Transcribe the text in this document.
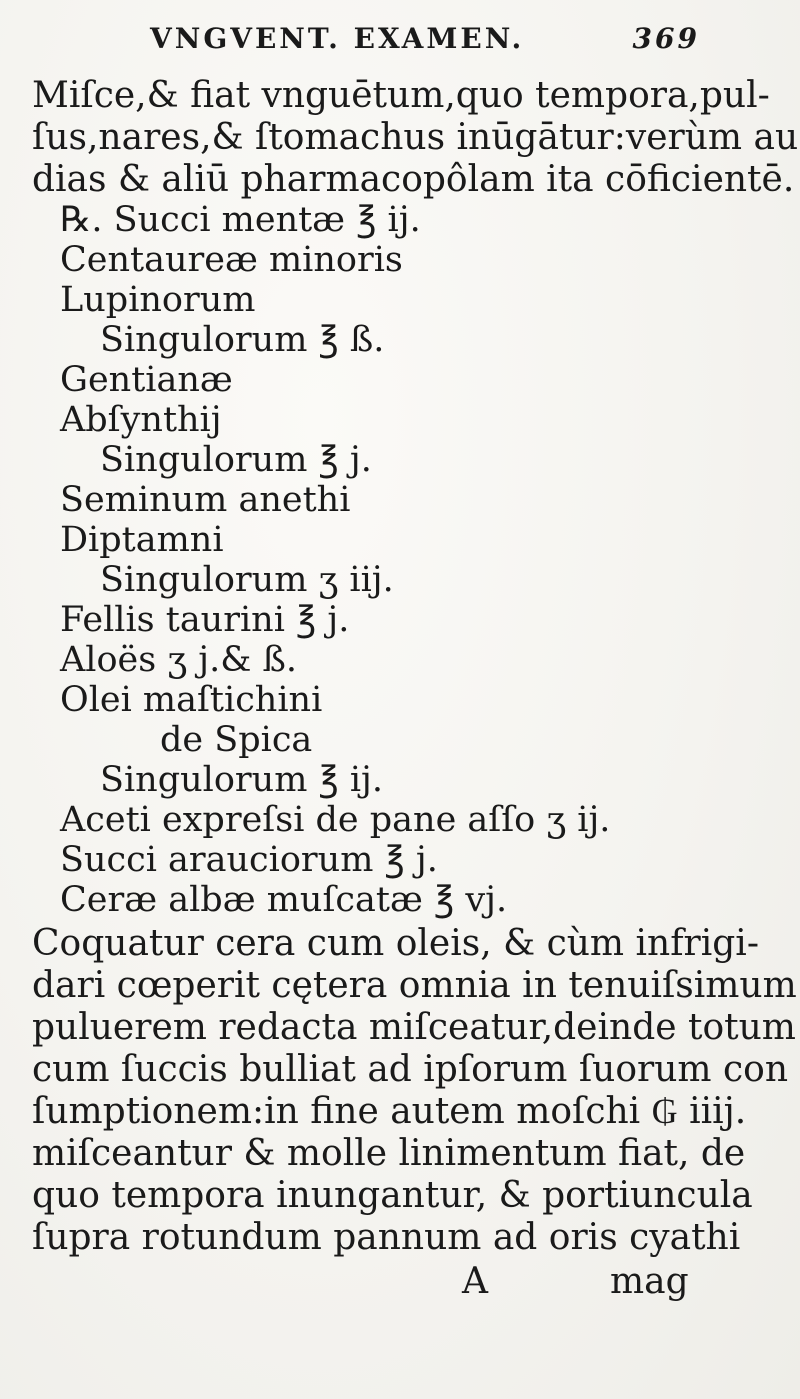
VNGVENT. EXAMEN.	369
Miſce,& fiat vnguētum,quo tempora,pul-
ſus,nares,& ſtomachus inūgātur:verùm au
dias & aliū pharmacopôlam ita cōficientē.
℞. Succi mentæ ℥ ij.
Centaureæ minoris
Lupinorum
Singulorum ℥ ß.
Gentianæ
Abſynthij
Singulorum ℥ j.
Seminum anethi
Diptamni
Singulorum ʒ iij.
Fellis taurini ℥ j.
Aloës ʒ j.& ß.
Olei maſtichini
de Spica
Singulorum ℥ ij.
Aceti expreſsi de pane aſſo ʒ ij.
Succi arauciorum ℥ j.
Ceræ albæ muſcatæ ℥ vj.
Coquatur cera cum oleis, & cùm infrigi-
dari cœperit cętera omnia in tenuiſsimum
puluerem redacta miſceatur,deinde totum
cum ſuccis bulliat ad ipſorum ſuorum con
ſumptionem:in fine autem moſchi ₲ iiij.
miſceantur & molle linimentum fiat, de
quo tempora inungantur, & portiuncula
ſupra rotundum pannum ad oris cyathi
A	mag
